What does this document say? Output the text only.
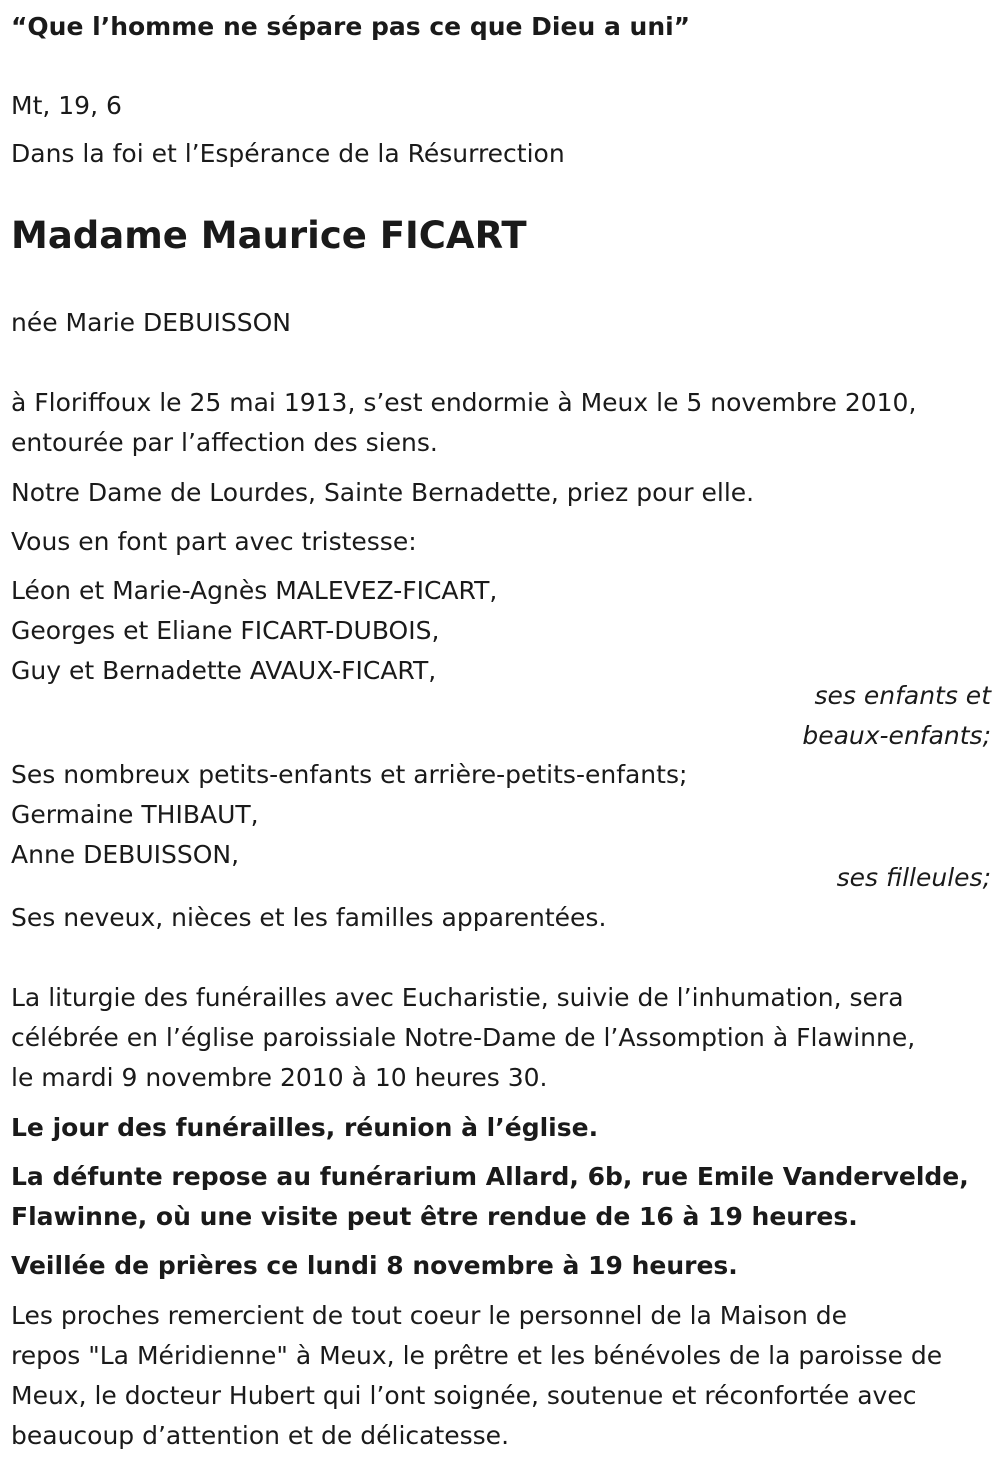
“Que l’homme ne sépare pas ce que Dieu a uni”
Mt, 19, 6
Dans la foi et l’Espérance de la Résurrection
Madame Maurice FICART
née Marie DEBUISSON
à Floriffoux le 25 mai 1913, s’est endormie à Meux le 5 novembre 2010,
entourée par l’affection des siens.
Notre Dame de Lourdes, Sainte Bernadette, priez pour elle.
Vous en font part avec tristesse:
Léon et Marie-Agnès MALEVEZ-FICART,
Georges et Eliane FICART-DUBOIS,
Guy et Bernadette AVAUX-FICART,
ses enfants et beaux-enfants;
Ses nombreux petits-enfants et arrière-petits-enfants;
Germaine THIBAUT,
Anne DEBUISSON,
ses filleules;
Ses neveux, nièces et les familles apparentées.
La liturgie des funérailles avec Eucharistie, suivie de l’inhumation, sera
célébrée en l’église paroissiale Notre-Dame de l’Assomption à Flawinne,
le mardi 9 novembre 2010 à 10 heures 30.
Le jour des funérailles, réunion à l’église.
La défunte repose au funérarium Allard, 6b, rue Emile Vandervelde,
Flawinne, où une visite peut être rendue de 16 à 19 heures.
Veillée de prières ce lundi 8 novembre à 19 heures.
Les proches remercient de tout coeur le personnel de la Maison de
repos "La Méridienne" à Meux, le prêtre et les bénévoles de la paroisse de
Meux, le docteur Hubert qui l’ont soignée, soutenue et réconfortée avec
beaucoup d’attention et de délicatesse.
